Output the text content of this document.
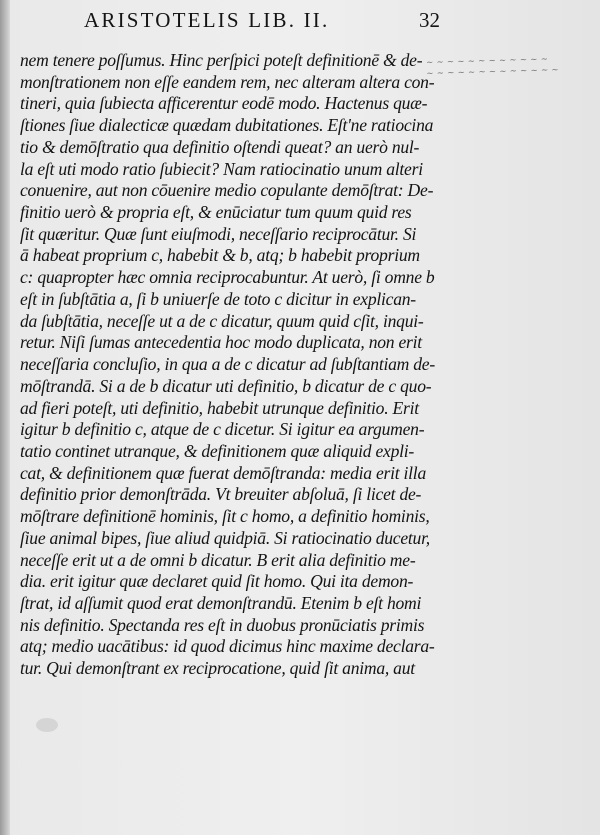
ARISTOTELIS LIB. II.	32
nem tenere poſſumus. Hinc perſpici poteſt definitionē & de-
monſtrationem non eſſe eandem rem, nec alteram altera con-
tineri, quia ſubiecta afficerentur eodē modo. Hactenus quæ-
ſtiones ſiue dialecticæ quædam dubitationes. Eſt'ne ratiocina
tio & demōſtratio qua definitio oſtendi queat? an uerò nul-
la eſt uti modo ratio ſubiecit? Nam ratiocinatio unum alteri
conuenire, aut non cōuenire medio copulante demōſtrat: De-
finitio uerò & propria eſt, & enūciatur tum quum quid res
ſit quæritur. Quæ ſunt eiuſmodi, neceſſario reciprocātur. Si
ā habeat proprium c, habebit & b, atq; b habebit proprium
c: quapropter hæc omnia reciprocabuntur. At uerò, ſi omne b
eſt in ſubſtātia a, ſi b uniuerſe de toto c dicitur in explican-
da ſubſtātia, neceſſe ut a de c dicatur, quum quid cſit, inqui-
retur. Niſi ſumas antecedentia hoc modo duplicata, non erit
neceſſaria concluſio, in qua a de c dicatur ad ſubſtantiam de-
mōſtrandā. Si a de b dicatur uti definitio, b dicatur de c quo-
ad fieri poteſt, uti definitio, habebit utrunque definitio. Erit
igitur b definitio c, atque de c dicetur. Si igitur ea argumen-
tatio continet utranque, & definitionem quæ aliquid expli-
cat, & definitionem quæ fuerat demōſtranda: media erit illa
definitio prior demonſtrāda. Vt breuiter abſoluā, ſi licet de-
mōſtrare definitionē hominis, ſit c homo, a definitio hominis,
ſiue animal bipes, ſiue aliud quidpiā. Si ratiocinatio ducetur,
neceſſe erit ut a de omni b dicatur. B erit alia definitio me-
dia. erit igitur quæ declaret quid ſit homo. Qui ita demon-
ſtrat, id aſſumit quod erat demonſtrandū. Etenim b eſt homi
nis definitio. Spectanda res eſt in duobus pronūciatis primis
atq; medio uacātibus: id quod dicimus hinc maxime declara-
tur. Qui demonſtrant ex reciprocatione, quid ſit anima, aut
~ ~ ~ ~ ~ ~ ~ ~ ~ ~ ~ ~
~ ~ ~ ~ ~ ~ ~ ~ ~ ~ ~ ~ ~
